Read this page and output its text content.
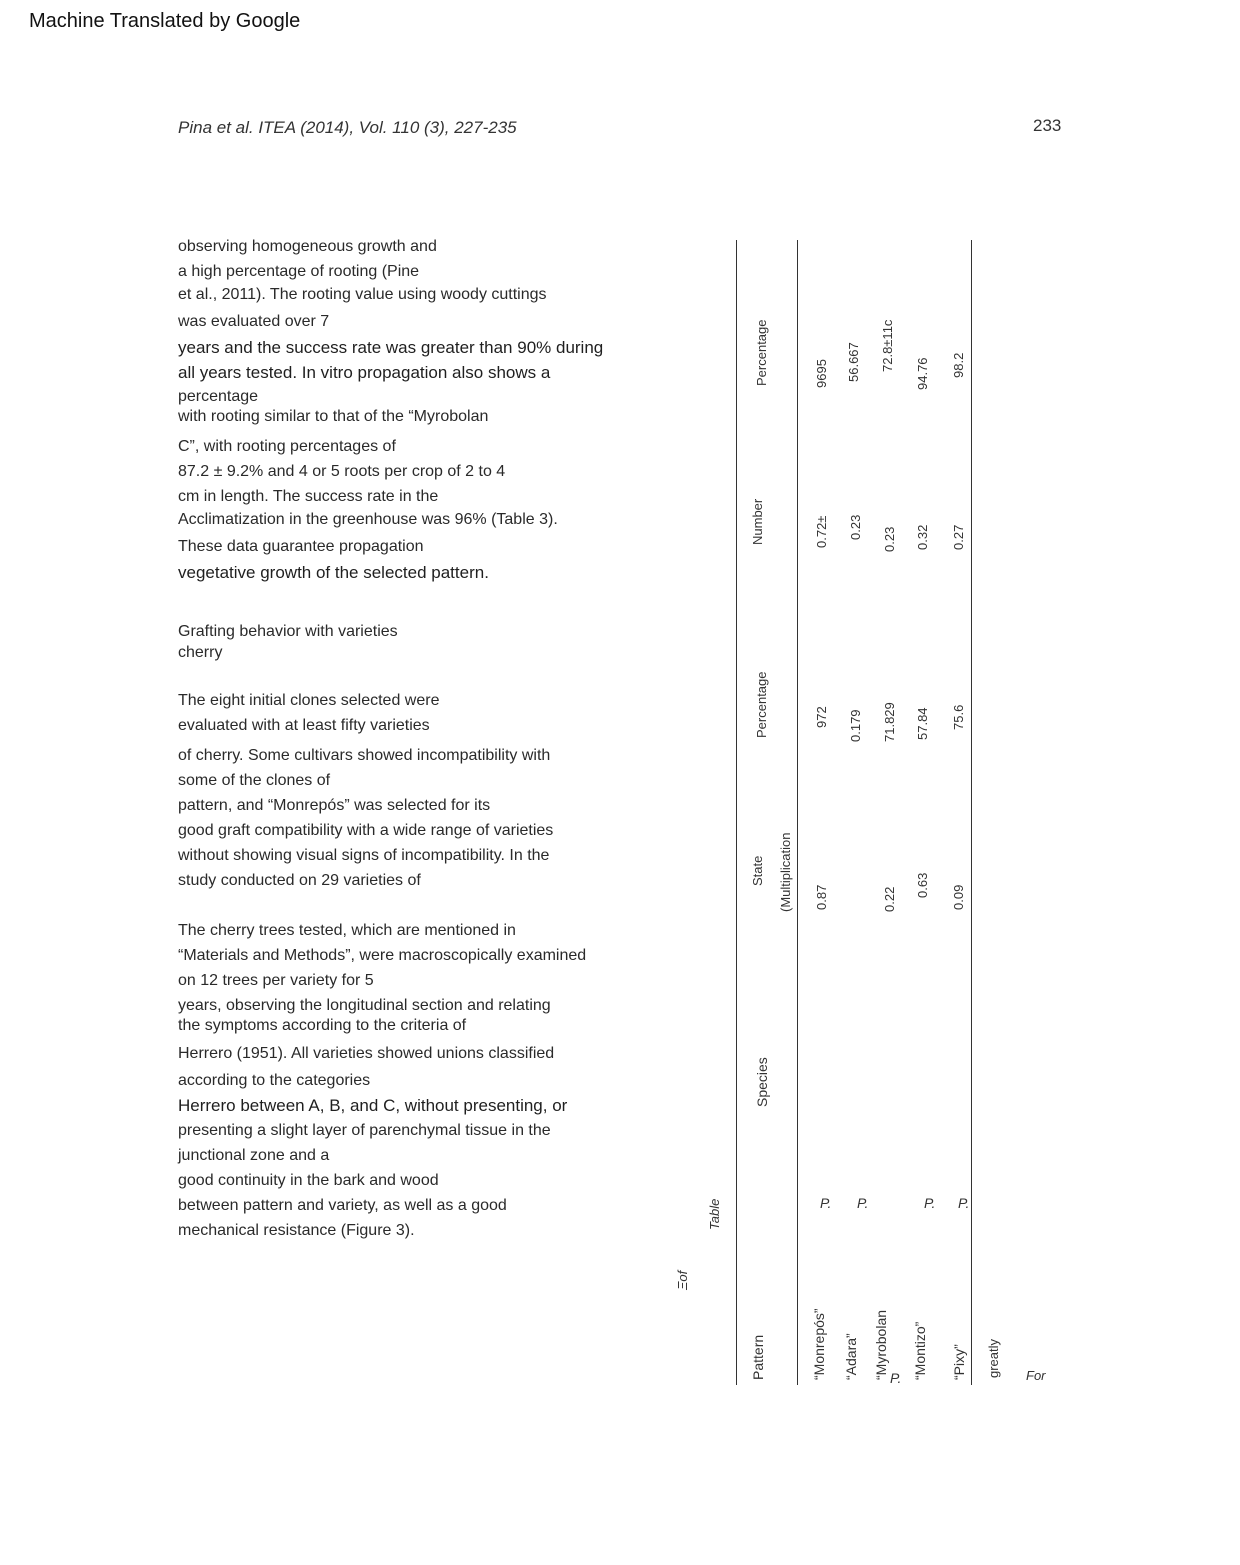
Machine Translated by Google
Pina et al. ITEA (2014), Vol. 110 (3), 227-235	233
observing homogeneous growth and
a high percentage of rooting (Pine
et al., 2011). The rooting value using woody cuttings
was evaluated over 7
years and the success rate was greater than 90% during
all years tested. In vitro propagation also shows a
percentage
with rooting similar to that of the “Myrobolan
C”, with rooting percentages of
87.2 ± 9.2% and 4 or 5 roots per crop of 2 to 4
cm in length. The success rate in the
Acclimatization in the greenhouse was 96% (Table 3).
These data guarantee propagation
vegetative growth of the selected pattern.
Grafting behavior with varieties
cherry
The eight initial clones selected were
evaluated with at least fifty varieties
of cherry. Some cultivars showed incompatibility with
some of the clones of
pattern, and “Monrepós” was selected for its
good graft compatibility with a wide range of varieties
without showing visual signs of incompatibility. In the
study conducted on 29 varieties of
The cherry trees tested, which are mentioned in
“Materials and Methods”, were macroscopically examined
on 12 trees per variety for 5
years, observing the longitudinal section and relating
the symptoms according to the criteria of
Herrero (1951). All varieties showed unions classified
according to the categories
Herrero between A, B, and C, without presenting, or
presenting a slight layer of parenchymal tissue in the
junctional zone and a
good continuity in the bark and wood
between pattern and variety, as well as a good
mechanical resistance (Figure 3).
Table
Ξof
Pattern
Species
State (Multiplication
Percentage
Number
Percentage
“Monrepós”
P.
0.87
972
0.72±
9695
“Adara”
P.
0.179
0.23
56.667
“Myrobolan P.
0.22
71.829
0.23
72.8±11c
“Montizo”
P.
0.63
57.84
0.32
94.76
“Pixy”
P.
0.09
75.6
0.27
98.2
greatly For
